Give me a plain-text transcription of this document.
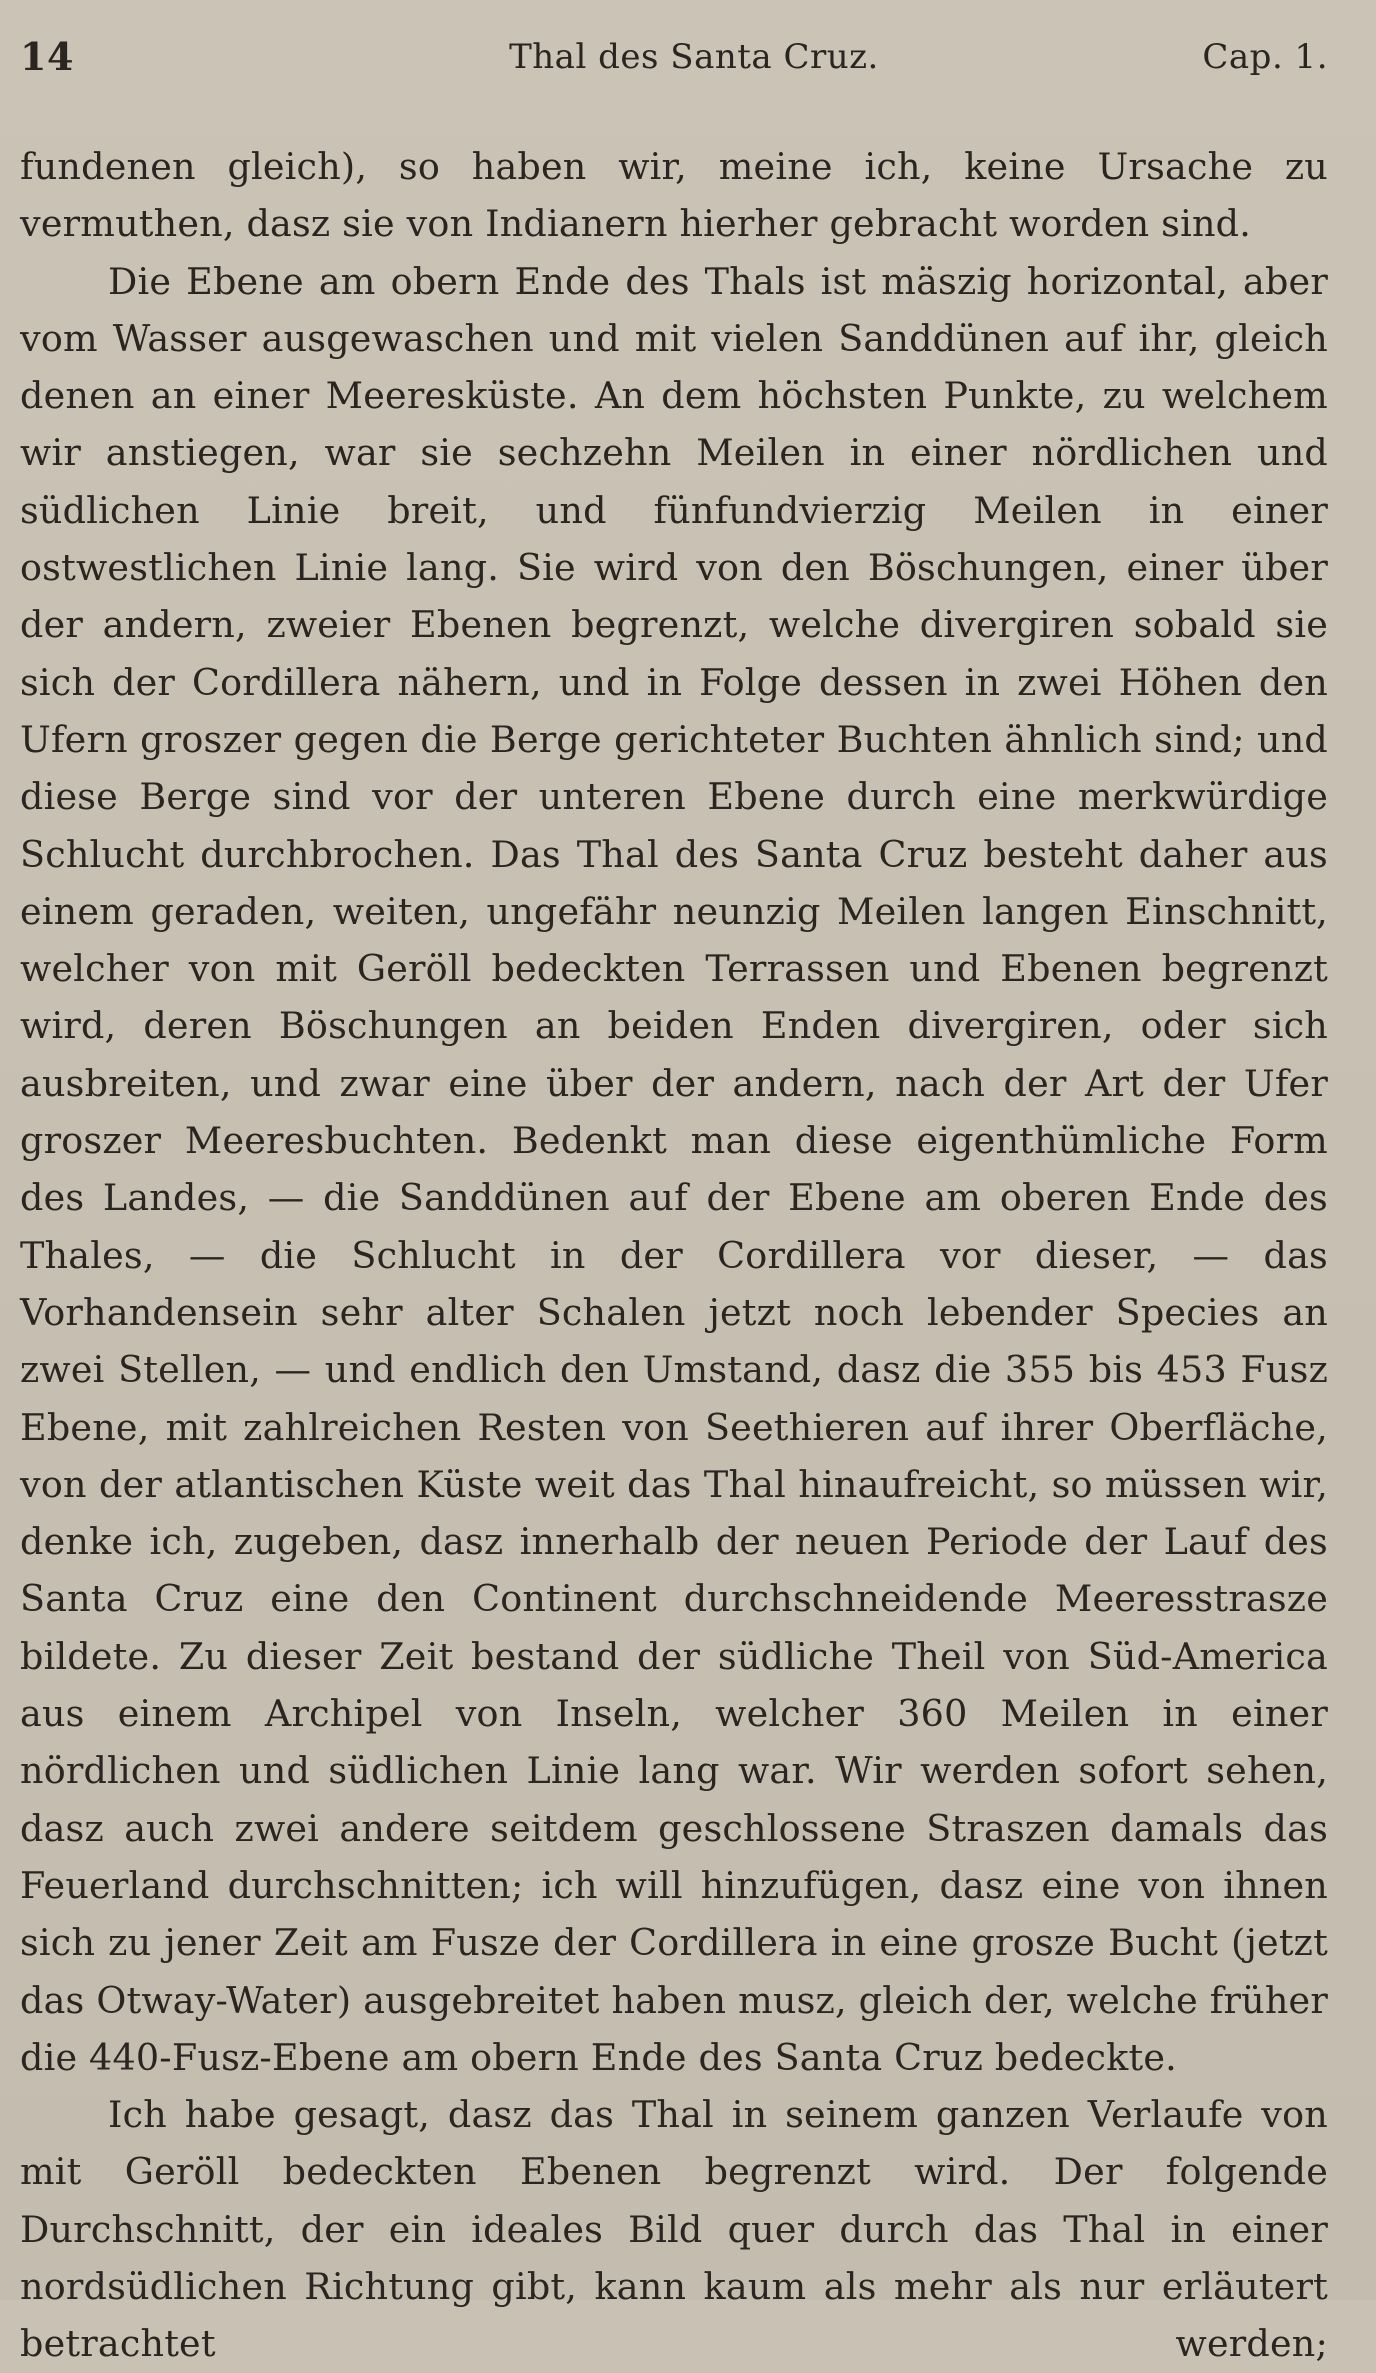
14	Thal des Santa Cruz.	Cap. 1.

fundenen gleich), so haben wir, meine ich, keine Ursache zu vermuthen, dasz sie von Indianern hierher gebracht worden sind.

Die Ebene am obern Ende des Thals ist mäszig horizontal, aber vom Wasser ausgewaschen und mit vielen Sanddünen auf ihr, gleich denen an einer Meeresküste. An dem höchsten Punkte, zu welchem wir anstiegen, war sie sechzehn Meilen in einer nördlichen und südlichen Linie breit, und fünfundvierzig Meilen in einer ostwestlichen Linie lang. Sie wird von den Böschungen, einer über der andern, zweier Ebenen begrenzt, welche divergiren sobald sie sich der Cordillera nähern, und in Folge dessen in zwei Höhen den Ufern groszer gegen die Berge gerichteter Buchten ähnlich sind; und diese Berge sind vor der unteren Ebene durch eine merkwürdige Schlucht durchbrochen. Das Thal des Santa Cruz besteht daher aus einem geraden, weiten, ungefähr neunzig Meilen langen Einschnitt, welcher von mit Geröll bedeckten Terrassen und Ebenen begrenzt wird, deren Böschungen an beiden Enden divergiren, oder sich ausbreiten, und zwar eine über der andern, nach der Art der Ufer groszer Meeresbuchten. Bedenkt man diese eigenthümliche Form des Landes, — die Sanddünen auf der Ebene am oberen Ende des Thales, — die Schlucht in der Cordillera vor dieser, — das Vorhandensein sehr alter Schalen jetzt noch lebender Species an zwei Stellen, — und endlich den Umstand, dasz die 355 bis 453 Fusz Ebene, mit zahlreichen Resten von Seethieren auf ihrer Oberfläche, von der atlantischen Küste weit das Thal hinaufreicht, so müssen wir, denke ich, zugeben, dasz innerhalb der neuen Periode der Lauf des Santa Cruz eine den Continent durchschneidende Meeresstrasze bildete. Zu dieser Zeit bestand der südliche Theil von Süd-America aus einem Archipel von Inseln, welcher 360 Meilen in einer nördlichen und südlichen Linie lang war. Wir werden sofort sehen, dasz auch zwei andere seitdem geschlossene Straszen damals das Feuerland durchschnitten; ich will hinzufügen, dasz eine von ihnen sich zu jener Zeit am Fusze der Cordillera in eine grosze Bucht (jetzt das Otway-Water) ausgebreitet haben musz, gleich der, welche früher die 440-Fusz-Ebene am obern Ende des Santa Cruz bedeckte.

Ich habe gesagt, dasz das Thal in seinem ganzen Verlaufe von mit Geröll bedeckten Ebenen begrenzt wird. Der folgende Durchschnitt, der ein ideales Bild quer durch das Thal in einer nordsüdlichen Richtung gibt, kann kaum als mehr als nur erläutert betrachtet werden;
